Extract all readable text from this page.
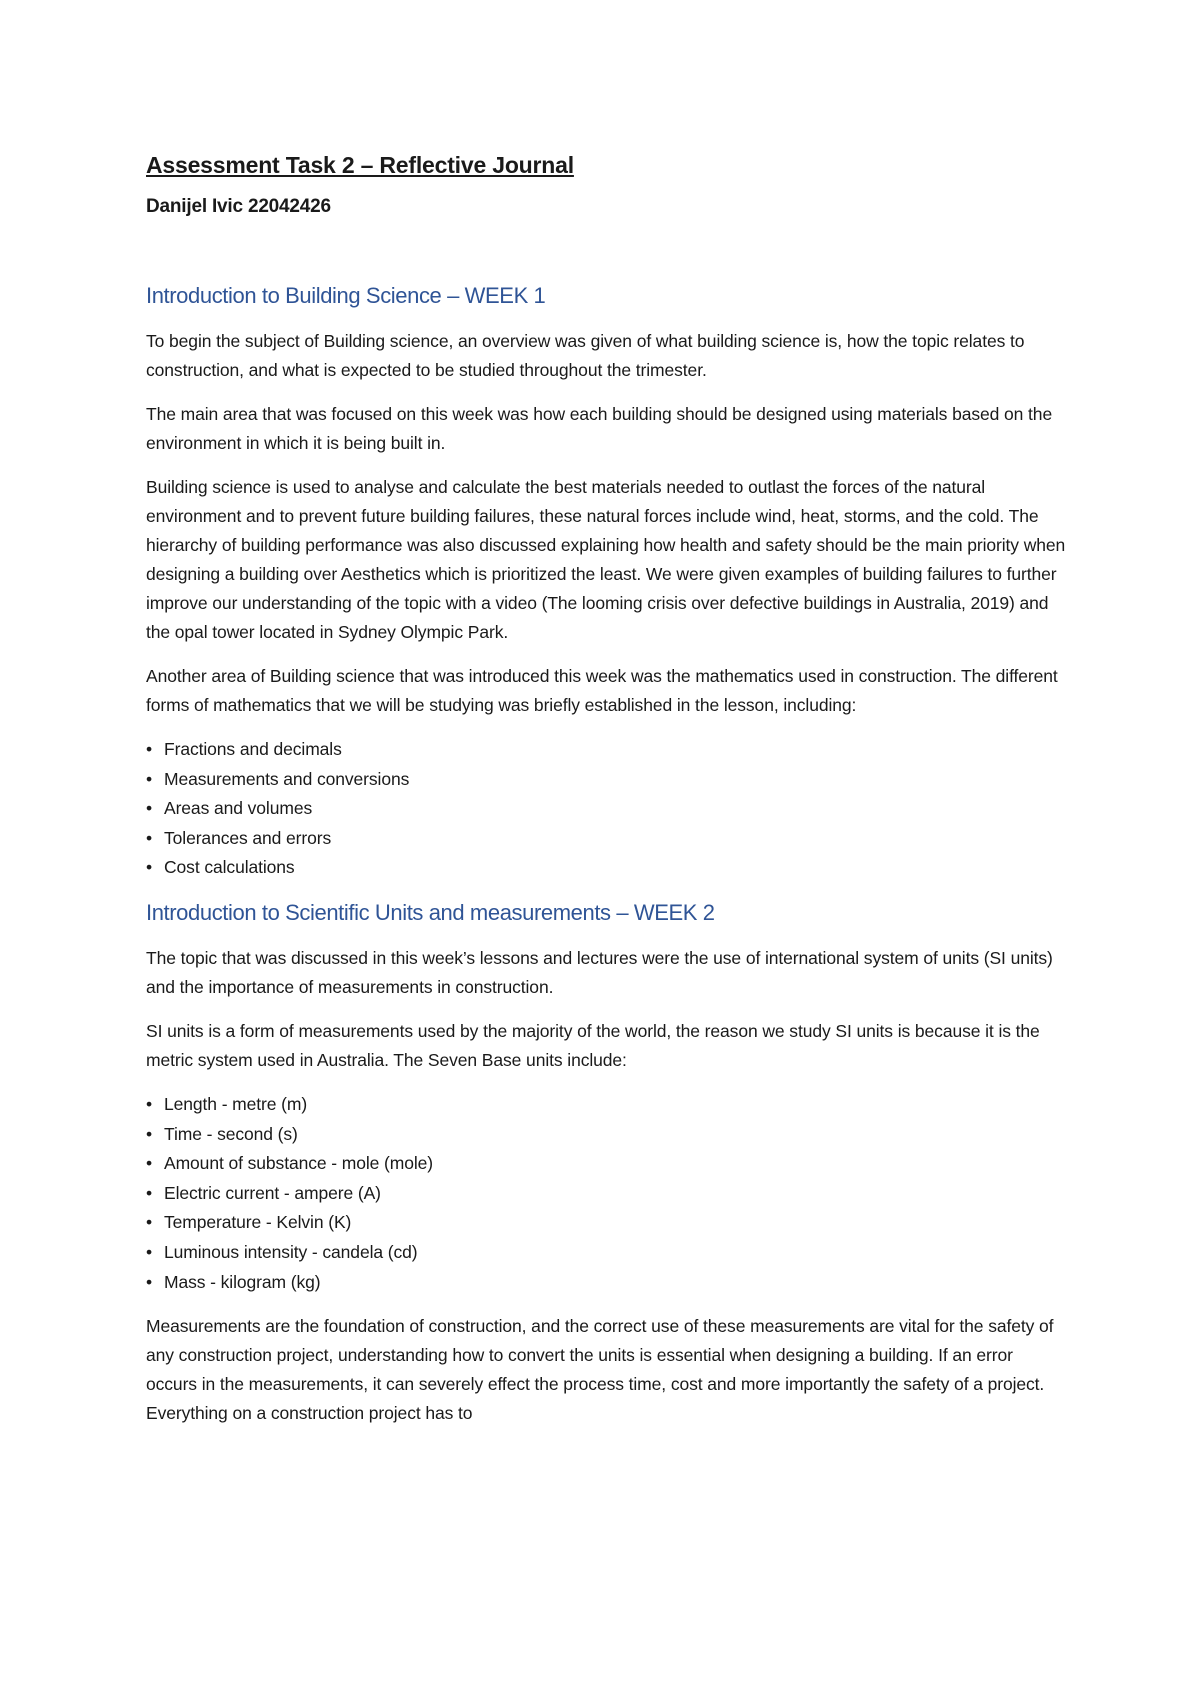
Assessment Task 2 – Reflective Journal
Danijel Ivic 22042426
Introduction to Building Science – WEEK 1

To begin the subject of Building science, an overview was given of what building science is, how the topic relates to construction, and what is expected to be studied throughout the trimester.

The main area that was focused on this week was how each building should be designed using materials based on the environment in which it is being built in.

Building science is used to analyse and calculate the best materials needed to outlast the forces of the natural environment and to prevent future building failures, these natural forces include wind, heat, storms, and the cold. The hierarchy of building performance was also discussed explaining how health and safety should be the main priority when designing a building over Aesthetics which is prioritized the least. We were given examples of building failures to further improve our understanding of the topic with a video (The looming crisis over defective buildings in Australia, 2019) and the opal tower located in Sydney Olympic Park.

Another area of Building science that was introduced this week was the mathematics used in construction. The different forms of mathematics that we will be studying was briefly established in the lesson, including:

• Fractions and decimals
• Measurements and conversions
• Areas and volumes
• Tolerances and errors
• Cost calculations
Introduction to Scientific Units and measurements – WEEK 2

The topic that was discussed in this week’s lessons and lectures were the use of international system of units (SI units) and the importance of measurements in construction.

SI units is a form of measurements used by the majority of the world, the reason we study SI units is because it is the metric system used in Australia. The Seven Base units include:

• Length - metre (m)
• Time - second (s)
• Amount of substance - mole (mole)
• Electric current - ampere (A)
• Temperature - Kelvin (K)
• Luminous intensity - candela (cd)
• Mass - kilogram (kg)

Measurements are the foundation of construction, and the correct use of these measurements are vital for the safety of any construction project, understanding how to convert the units is essential when designing a building. If an error occurs in the measurements, it can severely effect the process time, cost and more importantly the safety of a project. Everything on a construction project has to
